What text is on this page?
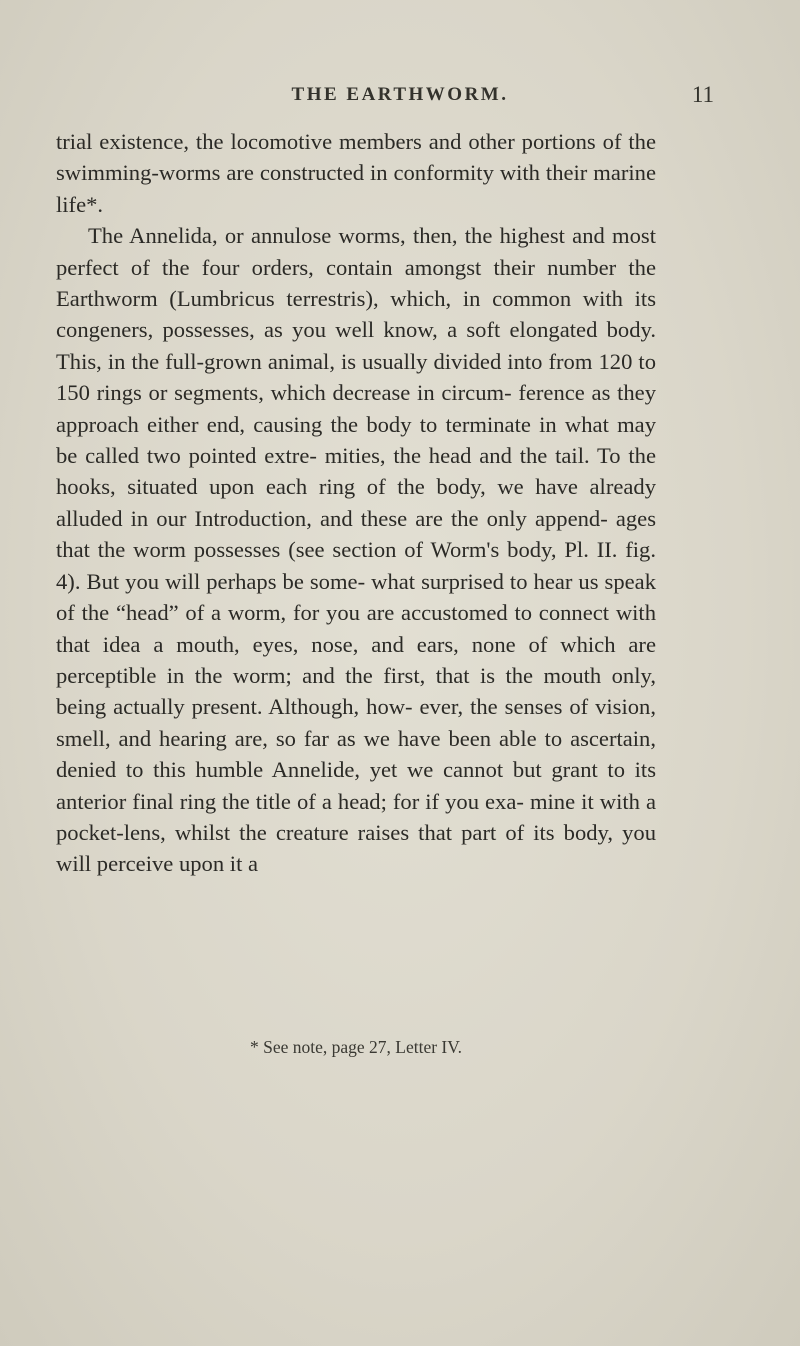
THE EARTHWORM.	11

trial existence, the locomotive members and other portions of the swimming-worms are constructed in conformity with their marine life*.

The Annelida, or annulose worms, then, the highest and most perfect of the four orders, contain amongst their number the Earthworm (Lumbricus terrestris), which, in common with its congeners, possesses, as you well know, a soft elongated body. This, in the full-grown animal, is usually divided into from 120 to 150 rings or segments, which decrease in circum- ference as they approach either end, causing the body to terminate in what may be called two pointed extre- mities, the head and the tail. To the hooks, situated upon each ring of the body, we have already alluded in our Introduction, and these are the only append- ages that the worm possesses (see section of Worm's body, Pl. II. fig. 4). But you will perhaps be some- what surprised to hear us speak of the “head” of a worm, for you are accustomed to connect with that idea a mouth, eyes, nose, and ears, none of which are perceptible in the worm; and the first, that is the mouth only, being actually present. Although, how- ever, the senses of vision, smell, and hearing are, so far as we have been able to ascertain, denied to this humble Annelide, yet we cannot but grant to its anterior final ring the title of a head; for if you exa- mine it with a pocket-lens, whilst the creature raises that part of its body, you will perceive upon it a

* See note, page 27, Letter IV.
